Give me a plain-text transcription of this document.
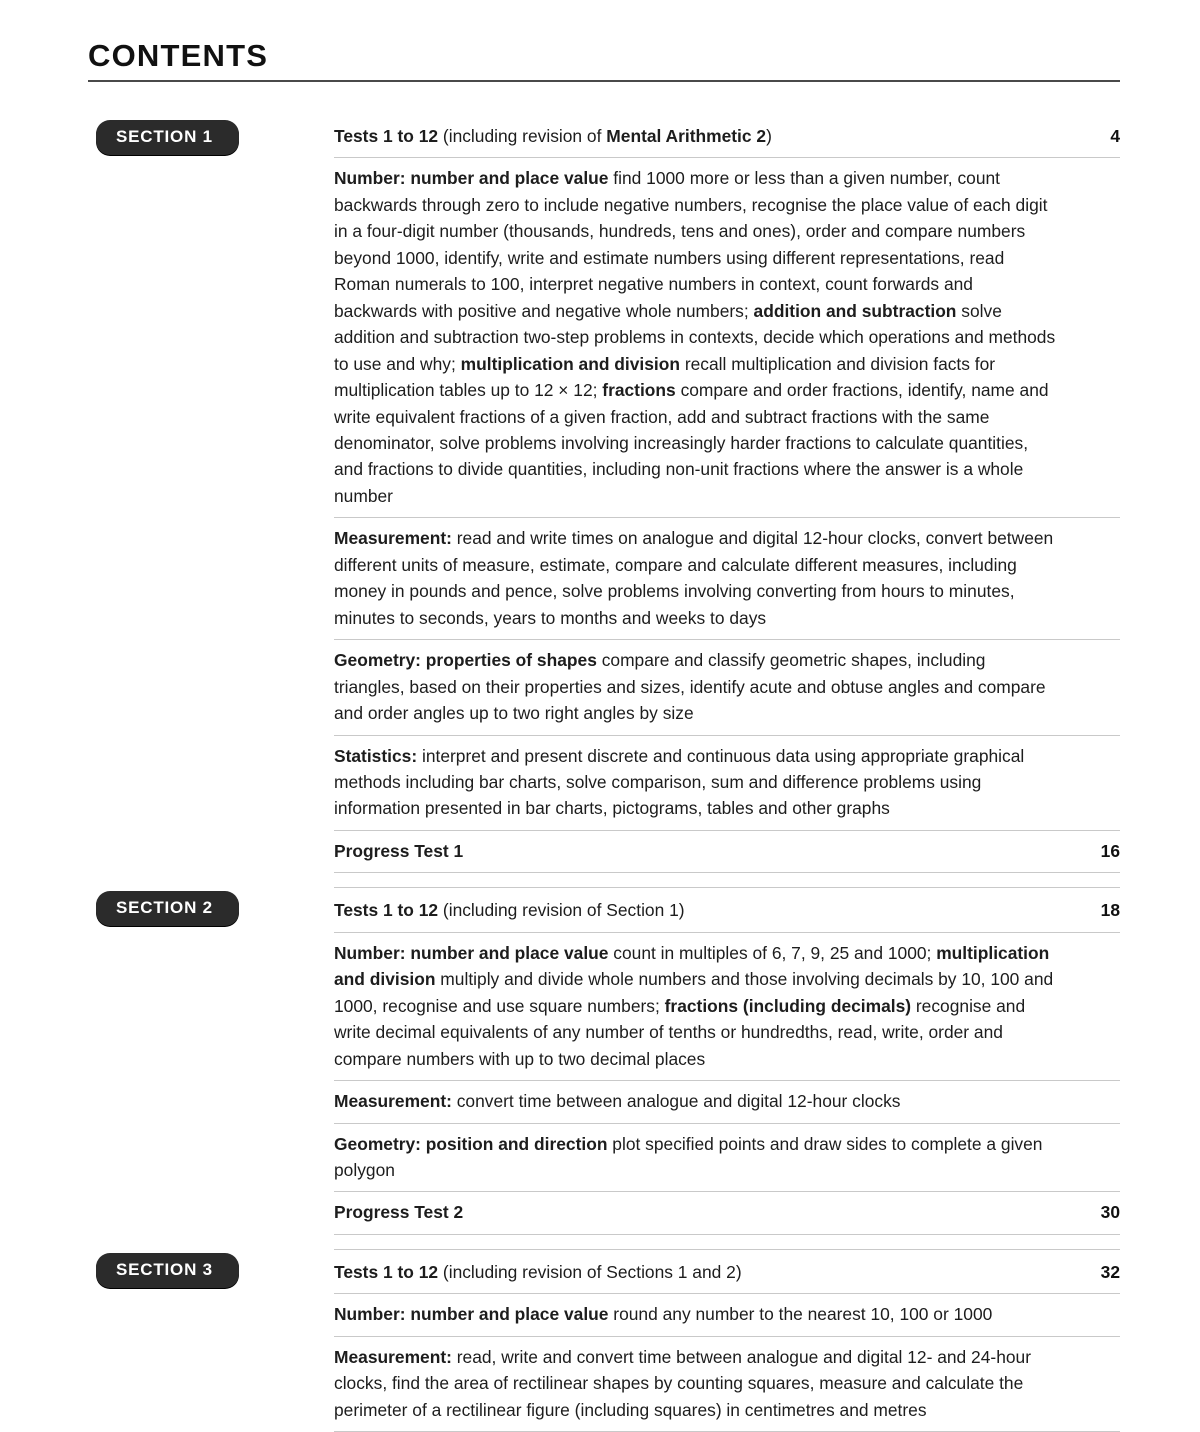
CONTENTS
SECTION 1	Tests 1 to 12 (including revision of Mental Arithmetic 2)	4
Number: number and place value find 1000 more or less than a given number, count backwards through zero to include negative numbers, recognise the place value of each digit in a four-digit number (thousands, hundreds, tens and ones), order and compare numbers beyond 1000, identify, write and estimate numbers using different representations, read Roman numerals to 100, interpret negative numbers in context, count forwards and backwards with positive and negative whole numbers; addition and subtraction solve addition and subtraction two-step problems in contexts, decide which operations and methods to use and why; multiplication and division recall multiplication and division facts for multiplication tables up to 12 × 12; fractions compare and order fractions, identify, name and write equivalent fractions of a given fraction, add and subtract fractions with the same denominator, solve problems involving increasingly harder fractions to calculate quantities, and fractions to divide quantities, including non-unit fractions where the answer is a whole number
Measurement: read and write times on analogue and digital 12-hour clocks, convert between different units of measure, estimate, compare and calculate different measures, including money in pounds and pence, solve problems involving converting from hours to minutes, minutes to seconds, years to months and weeks to days
Geometry: properties of shapes compare and classify geometric shapes, including triangles, based on their properties and sizes, identify acute and obtuse angles and compare and order angles up to two right angles by size
Statistics: interpret and present discrete and continuous data using appropriate graphical methods including bar charts, solve comparison, sum and difference problems using information presented in bar charts, pictograms, tables and other graphs
Progress Test 1	16
SECTION 2	Tests 1 to 12 (including revision of Section 1)	18
Number: number and place value count in multiples of 6, 7, 9, 25 and 1000; multiplication and division multiply and divide whole numbers and those involving decimals by 10, 100 and 1000, recognise and use square numbers; fractions (including decimals) recognise and write decimal equivalents of any number of tenths or hundredths, read, write, order and compare numbers with up to two decimal places
Measurement: convert time between analogue and digital 12-hour clocks
Geometry: position and direction plot specified points and draw sides to complete a given polygon
Progress Test 2	30
SECTION 3	Tests 1 to 12 (including revision of Sections 1 and 2)	32
Number: number and place value round any number to the nearest 10, 100 or 1000
Measurement: read, write and convert time between analogue and digital 12- and 24-hour clocks, find the area of rectilinear shapes by counting squares, measure and calculate the perimeter of a rectilinear figure (including squares) in centimetres and metres
